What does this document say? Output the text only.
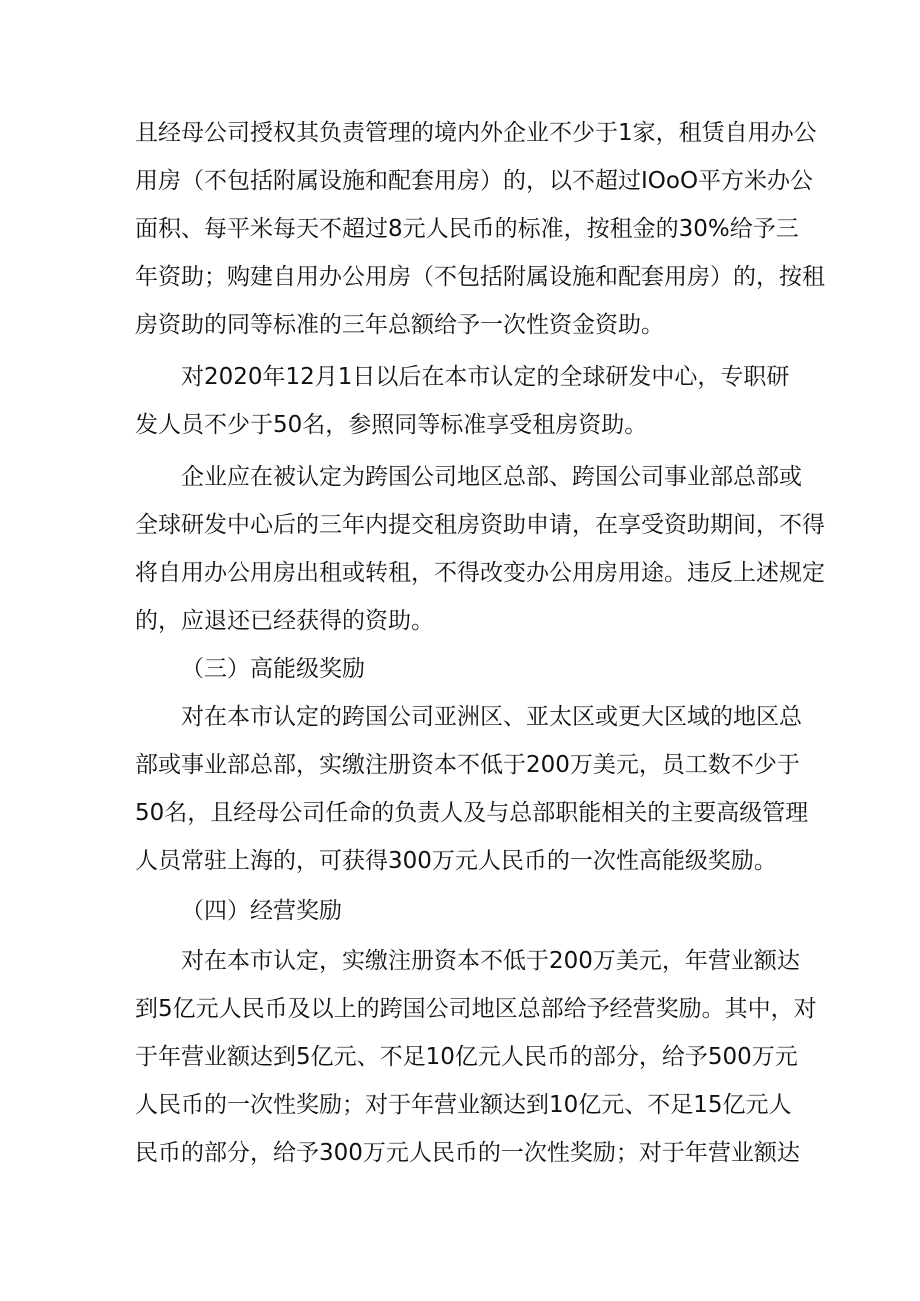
且经母公司授权其负责管理的境内外企业不少于1家，租赁自用办公
用房（不包括附属设施和配套用房）的，以不超过IOoO平方米办公
面积、每平米每天不超过8元人民币的标准，按租金的30%给予三
年资助；购建自用办公用房（不包括附属设施和配套用房）的，按租
房资助的同等标准的三年总额给予一次性资金资助。
对2020年12月1日以后在本市认定的全球研发中心，专职研
发人员不少于50名，参照同等标准享受租房资助。
企业应在被认定为跨国公司地区总部、跨国公司事业部总部或
全球研发中心后的三年内提交租房资助申请，在享受资助期间，不得
将自用办公用房出租或转租，不得改变办公用房用途。违反上述规定
的，应退还已经获得的资助。
（三）高能级奖励
对在本市认定的跨国公司亚洲区、亚太区或更大区域的地区总
部或事业部总部，实缴注册资本不低于200万美元，员工数不少于
50名，且经母公司任命的负责人及与总部职能相关的主要高级管理
人员常驻上海的，可获得300万元人民币的一次性高能级奖励。
（四）经营奖励
对在本市认定，实缴注册资本不低于200万美元，年营业额达
到5亿元人民币及以上的跨国公司地区总部给予经营奖励。其中，对
于年营业额达到5亿元、不足10亿元人民币的部分，给予500万元
人民币的一次性奖励；对于年营业额达到10亿元、不足15亿元人
民币的部分，给予300万元人民币的一次性奖励；对于年营业额达
